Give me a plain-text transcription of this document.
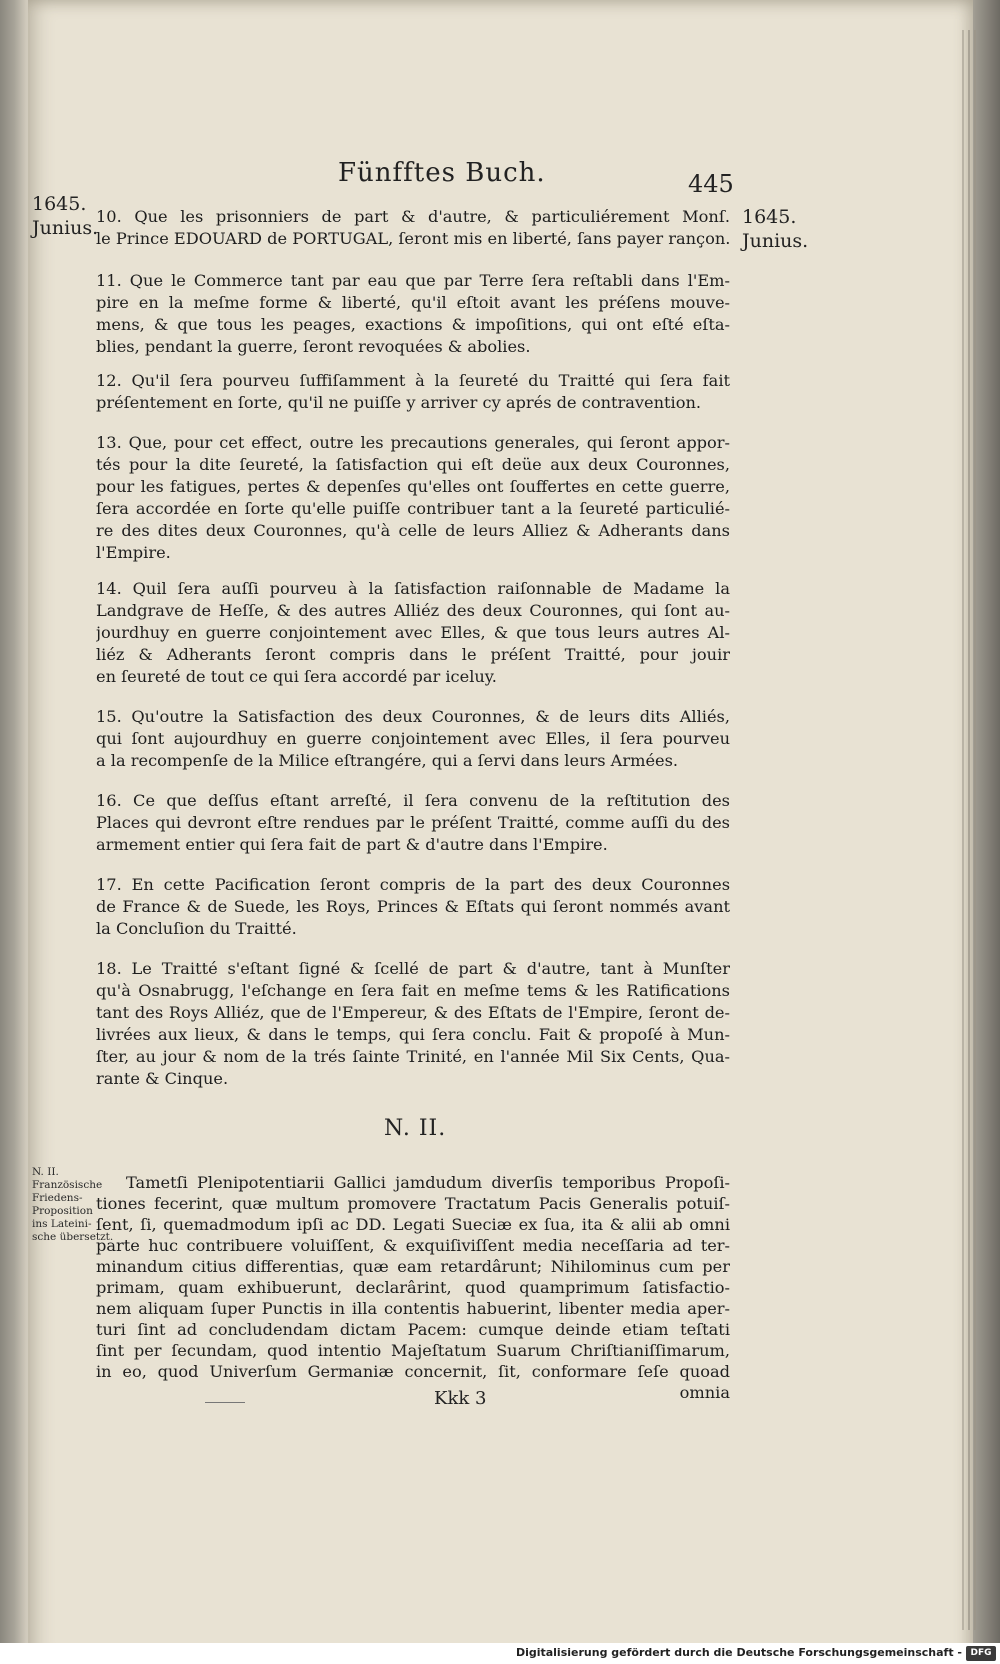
Fünfftes Buch.	445
1645.
Junius.	1645.
Junius.
10. Que les prisonniers de part & d'autre, & particuliérement Monſ.
le Prince EDOUARD de PORTUGAL, ſeront mis en liberté, ſans payer rançon.
11. Que le Commerce tant par eau que par Terre ſera reſtabli dans l'Em-
pire en la meſme forme & liberté, qu'il eſtoit avant les préſens mouve-
mens, & que tous les peages, exactions & impoſitions, qui ont eſté eſta-
blies, pendant la guerre, ſeront revoquées & abolies.
12. Qu'il ſera pourveu ſuffiſamment à la ſeureté du Traitté qui ſera fait
préſentement en ſorte, qu'il ne puiſſe y arriver cy aprés de contravention.
13. Que, pour cet effect, outre les precautions generales, qui ſeront appor-
tés pour la dite ſeureté, la ſatisfaction qui eſt deüe aux deux Couronnes,
pour les fatigues, pertes & depenſes qu'elles ont ſouffertes en cette guerre,
ſera accordée en ſorte qu'elle puiſſe contribuer tant a la ſeureté particulié-
re des dites deux Couronnes, qu'à celle de leurs Alliez & Adherants dans
l'Empire.
14. Quil ſera auſſi pourveu à la ſatisfaction raiſonnable de Madame la
Landgrave de Heſſe, & des autres Alliéz des deux Couronnes, qui ſont au-
jourdhuy en guerre conjointement avec Elles, & que tous leurs autres Al-
liéz & Adherants ſeront compris dans le préſent Traitté, pour jouir
en ſeureté de tout ce qui ſera accordé par iceluy.
15. Qu'outre la Satisfaction des deux Couronnes, & de leurs dits Alliés,
qui ſont aujourdhuy en guerre conjointement avec Elles, il ſera pourveu
a la recompenſe de la Milice eſtrangére, qui a ſervi dans leurs Armées.
16. Ce que deſſus eſtant arreſté, il ſera convenu de la reſtitution des
Places qui devront eſtre rendues par le préſent Traitté, comme auſſi du des
armement entier qui ſera fait de part & d'autre dans l'Empire.
17. En cette Pacification ſeront compris de la part des deux Couronnes
de France & de Suede, les Roys, Princes & Eſtats qui ſeront nommés avant
la Concluſion du Traitté.
18. Le Traitté s'eſtant ſigné & ſcellé de part & d'autre, tant à Munſter
qu'à Osnabrugg, l'eſchange en ſera fait en meſme tems & les Ratifications
tant des Roys Alliéz, que de l'Empereur, & des Eſtats de l'Empire, ſeront de-
livrées aux lieux, & dans le temps, qui ſera conclu. Fait & propoſé à Mun-
ſter, au jour & nom de la trés ſainte Trinité, en l'année Mil Six Cents, Qua-
rante & Cinque.
N. II.
N. II.
Französische
Friedens-
Proposition
ins Lateini-
sche übersetzt.
Tametſi Plenipotentiarii Gallici jamdudum diverſis temporibus Propoſi-
tiones fecerint, quæ multum promovere Tractatum Pacis Generalis potuiſ-
ſent, ſi, quemadmodum ipſi ac DD. Legati Sueciæ ex ſua, ita & alii ab omni
parte huc contribuere voluiſſent, & exquiſiviſſent media neceſſaria ad ter-
minandum citius differentias, quæ eam retardârunt; Nihilominus cum per
primam, quam exhibuerunt, declarârint, quod quamprimum ſatisfactio-
nem aliquam ſuper Punctis in illa contentis habuerint, libenter media aper-
turi ſint ad concludendam dictam Pacem: cumque deinde etiam teſtati
ſint per ſecundam, quod intentio Majeſtatum Suarum Chriſtianiſſimarum,
in eo, quod Univerſum Germaniæ concernit, ſit, conformare ſeſe quoad
omnia
Kkk 3
Digitalisierung gefördert durch die Deutsche Forschungsgemeinschaft - DFG
